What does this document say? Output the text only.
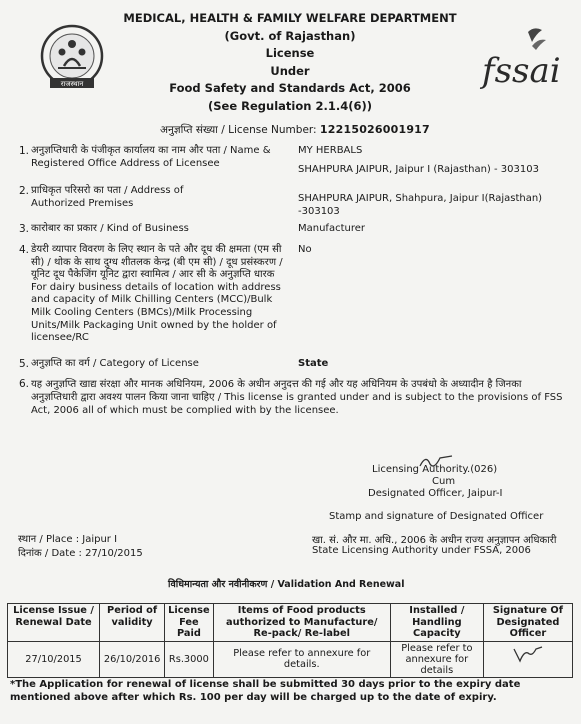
MEDICAL, HEALTH & FAMILY WELFARE DEPARTMENT
(Govt. of Rajasthan)
License
Under
Food Safety and Standards Act, 2006
(See Regulation 2.1.4(6))
राजस्थान	fssai
अनुज्ञप्ति संख्या / License Number: 12215026001917
1. अनुज्ञप्तिधारी के पंजीकृत कार्यालय का नाम और पता / Name & Registered Office Address of Licensee
MY HERBALS
SHAHPURA JAIPUR, Jaipur I (Rajasthan) - 303103
2. प्राधिकृत परिसरो का पता / Address of Authorized Premises	SHAHPURA JAIPUR, Shahpura, Jaipur I(Rajasthan) -303103
3. कारोबार का प्रकार / Kind of Business	Manufacturer
4. डेयरी व्यापार विवरण के लिए स्थान के पते और दूध की क्षमता (एम सी सी) / थोक के साथ दुग्ध शीतलक केन्द्र (बी एम सी) / दूध प्रसंस्करण / यूनिट दूध पैकेजिंग यूनिट द्वारा स्वामित्व / आर सी के अनुज्ञप्ति धारक For dairy business details of location with address and capacity of Milk Chilling Centers (MCC)/Bulk Milk Cooling Centers (BMCs)/Milk Processing Units/Milk Packaging Unit owned by the holder of licensee/RC
No
5. अनुज्ञप्ति का वर्ग / Category of License	State
6. यह अनुज्ञप्ति खाद्य संरक्षा और मानक अधिनियम, 2006 के अधीन अनुदत्त की गई और यह अधिनियम के उपबंधो के अध्यादीन है जिनका अनुज्ञप्तिधारी द्वारा अवश्य पालन किया जाना चाहिए / This license is granted under and is subject to the provisions of FSS Act, 2006 all of which must be complied with by the licensee.
Licensing Authority.(026)
Cum
Designated Officer, Jaipur-I
Stamp and signature of Designated Officer
स्थान / Place : Jaipur I
दिनांक / Date : 27/10/2015
खा. सं. और मा. अधि., 2006 के अधीन राज्य अनुज्ञापन अधिकारी
State Licensing Authority under FSSA, 2006
विधिमान्यता और नवीनीकरण / Validation And Renewal
License Issue / Renewal Date	Period of validity	License Fee Paid	Items of Food products authorized to Manufacture/ Re-pack/ Re-label	Installed / Handling Capacity	Signature Of Designated Officer
27/10/2015	26/10/2016	Rs.3000	Please refer to annexure for details.	Please refer to annexure for details	
*The Application for renewal of license shall be submitted 30 days prior to the expiry date mentioned above after which Rs. 100 per day will be charged up to the date of expiry.
